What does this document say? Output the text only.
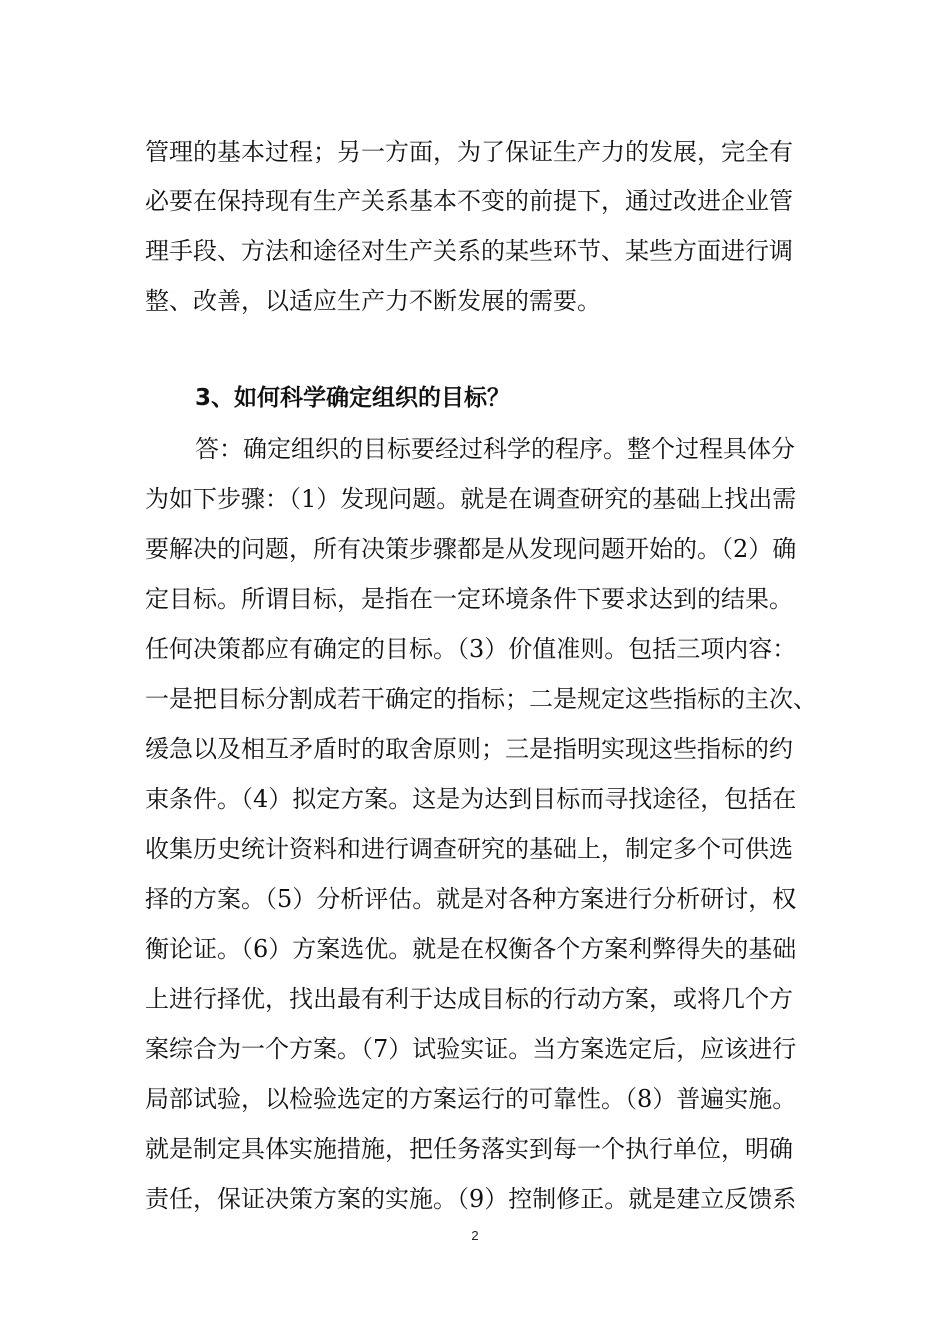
管理的基本过程；另一方面，为了保证生产力的发展，完全有
必要在保持现有生产关系基本不变的前提下，通过改进企业管
理手段、方法和途径对生产关系的某些环节、某些方面进行调
整、改善，以适应生产力不断发展的需要。
3、如何科学确定组织的目标？
答：确定组织的目标要经过科学的程序。整个过程具体分
为如下步骤：（1）发现问题。就是在调查研究的基础上找出需
要解决的问题，所有决策步骤都是从发现问题开始的。（2）确
定目标。所谓目标，是指在一定环境条件下要求达到的结果。
任何决策都应有确定的目标。（3）价值准则。包括三项内容：
一是把目标分割成若干确定的指标；二是规定这些指标的主次、
缓急以及相互矛盾时的取舍原则；三是指明实现这些指标的约
束条件。（4）拟定方案。这是为达到目标而寻找途径，包括在
收集历史统计资料和进行调查研究的基础上，制定多个可供选
择的方案。（5）分析评估。就是对各种方案进行分析研讨，权
衡论证。（6）方案选优。就是在权衡各个方案利弊得失的基础
上进行择优，找出最有利于达成目标的行动方案，或将几个方
案综合为一个方案。（7）试验实证。当方案选定后，应该进行
局部试验，以检验选定的方案运行的可靠性。（8）普遍实施。
就是制定具体实施措施，把任务落实到每一个执行单位，明确
责任，保证决策方案的实施。（9）控制修正。就是建立反馈系
2
